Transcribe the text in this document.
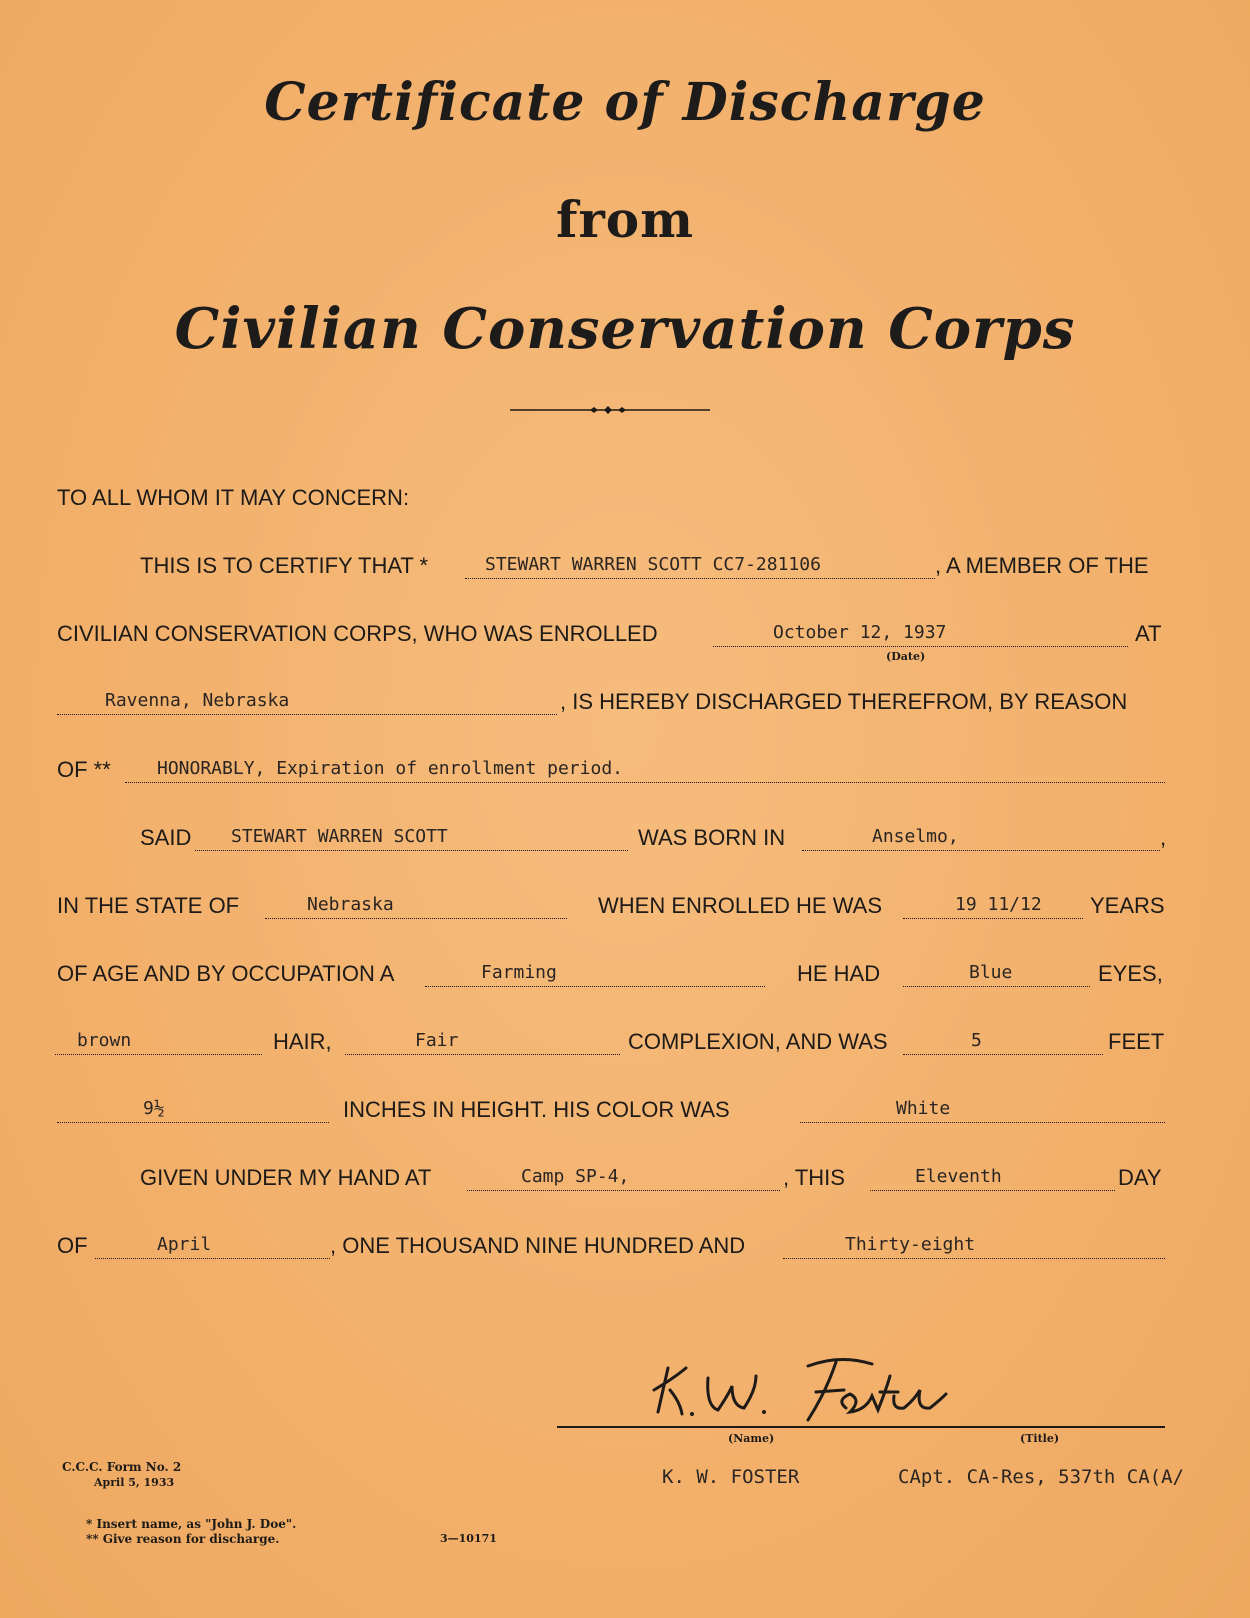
Certificate of Discharge
from
Civilian Conservation Corps
TO ALL WHOM IT MAY CONCERN:
THIS IS TO CERTIFY THAT *	STEWART WARREN SCOTT CC7-281106	, A MEMBER OF THE
CIVILIAN CONSERVATION CORPS, WHO WAS ENROLLED	October 12, 1937
(Date)
AT
Ravenna, Nebraska	, IS HEREBY DISCHARGED THEREFROM, BY REASON
OF **	HONORABLY, Expiration of enrollment period.
SAID	STEWART WARREN SCOTT	WAS BORN IN	Anselmo,	,
IN THE STATE OF	Nebraska	WHEN ENROLLED HE WAS	19 11/12	YEARS
OF AGE AND BY OCCUPATION A	Farming	HE HAD	Blue	EYES,
brown	HAIR,	Fair	COMPLEXION, AND WAS	5	FEET
9½	INCHES IN HEIGHT. HIS COLOR WAS	White
GIVEN UNDER MY HAND AT	Camp SP-4,	, THIS	Eleventh	DAY
OF	April	, ONE THOUSAND NINE HUNDRED AND	Thirty-eight
(Name)	(Title)
K. W. FOSTER	CApt. CA-Res, 537th CA(A/
C.C.C. Form No. 2
April 5, 1933
* Insert name, as "John J. Doe".
** Give reason for discharge.	3—10171
